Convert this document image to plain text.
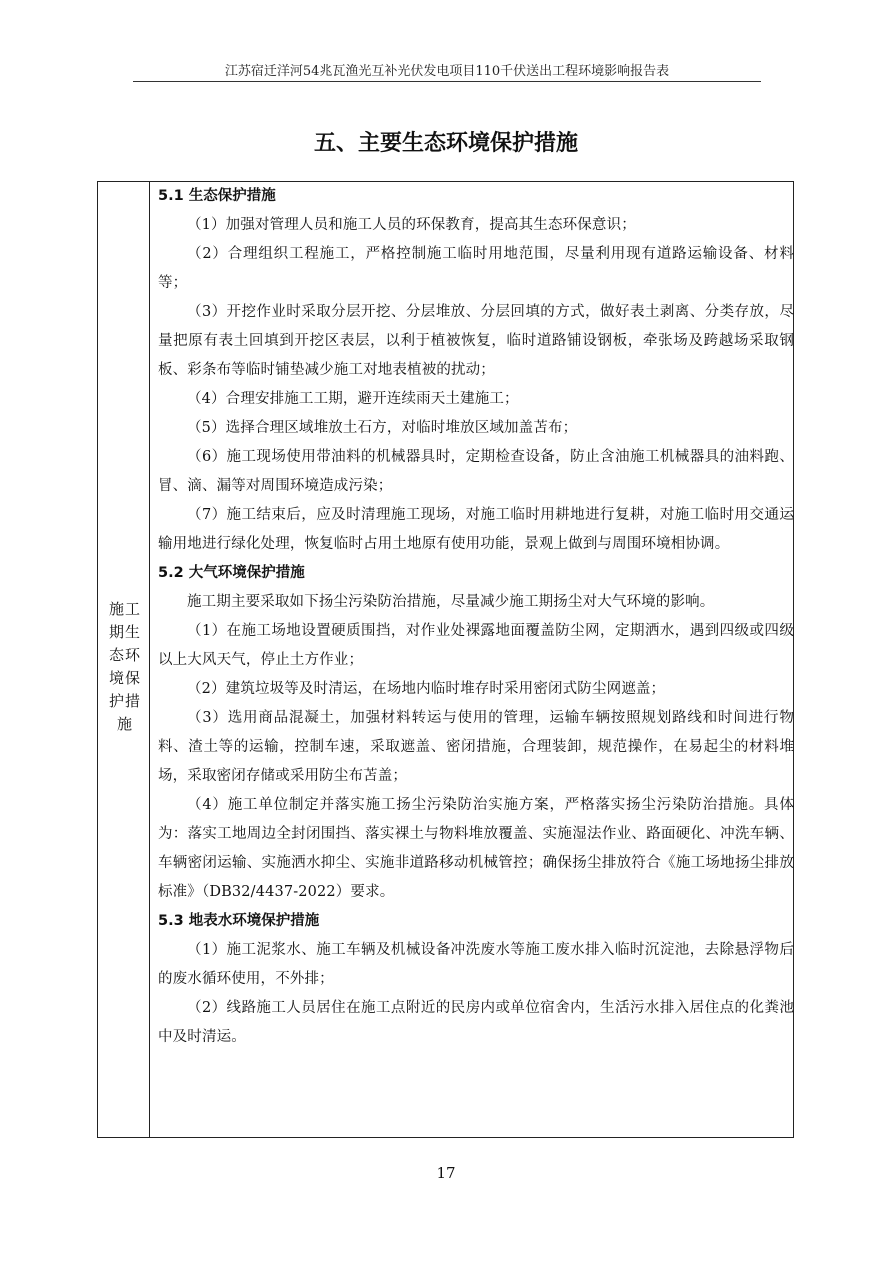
江苏宿迁洋河54兆瓦渔光互补光伏发电项目110千伏送出工程环境影响报告表
五、主要生态环境保护措施
施工期生态环境保护措施
5.1 生态保护措施

（1）加强对管理人员和施工人员的环保教育，提高其生态环保意识；

（2）合理组织工程施工，严格控制施工临时用地范围，尽量利用现有道路运输设备、材料等；

（3）开挖作业时采取分层开挖、分层堆放、分层回填的方式，做好表土剥离、分类存放，尽量把原有表土回填到开挖区表层，以利于植被恢复，临时道路铺设钢板，牵张场及跨越场采取钢板、彩条布等临时铺垫减少施工对地表植被的扰动；

（4）合理安排施工工期，避开连续雨天土建施工；

（5）选择合理区域堆放土石方，对临时堆放区域加盖苫布；

（6）施工现场使用带油料的机械器具时，定期检查设备，防止含油施工机械器具的油料跑、冒、滴、漏等对周围环境造成污染；

（7）施工结束后，应及时清理施工现场，对施工临时用耕地进行复耕，对施工临时用交通运输用地进行绿化处理，恢复临时占用土地原有使用功能，景观上做到与周围环境相协调。

5.2 大气环境保护措施

施工期主要采取如下扬尘污染防治措施，尽量减少施工期扬尘对大气环境的影响。

（1）在施工场地设置硬质围挡，对作业处裸露地面覆盖防尘网，定期洒水，遇到四级或四级以上大风天气，停止土方作业；

（2）建筑垃圾等及时清运，在场地内临时堆存时采用密闭式防尘网遮盖；

（3）选用商品混凝土，加强材料转运与使用的管理，运输车辆按照规划路线和时间进行物料、渣土等的运输，控制车速，采取遮盖、密闭措施，合理装卸，规范操作，在易起尘的材料堆场，采取密闭存储或采用防尘布苫盖；

（4）施工单位制定并落实施工扬尘污染防治实施方案，严格落实扬尘污染防治措施。具体为：落实工地周边全封闭围挡、落实裸土与物料堆放覆盖、实施湿法作业、路面硬化、冲洗车辆、车辆密闭运输、实施洒水抑尘、实施非道路移动机械管控；确保扬尘排放符合《施工场地扬尘排放标准》（DB32/4437-2022）要求。

5.3 地表水环境保护措施

（1）施工泥浆水、施工车辆及机械设备冲洗废水等施工废水排入临时沉淀池，去除悬浮物后的废水循环使用，不外排；

（2）线路施工人员居住在施工点附近的民房内或单位宿舍内，生活污水排入居住点的化粪池中及时清运。

17
